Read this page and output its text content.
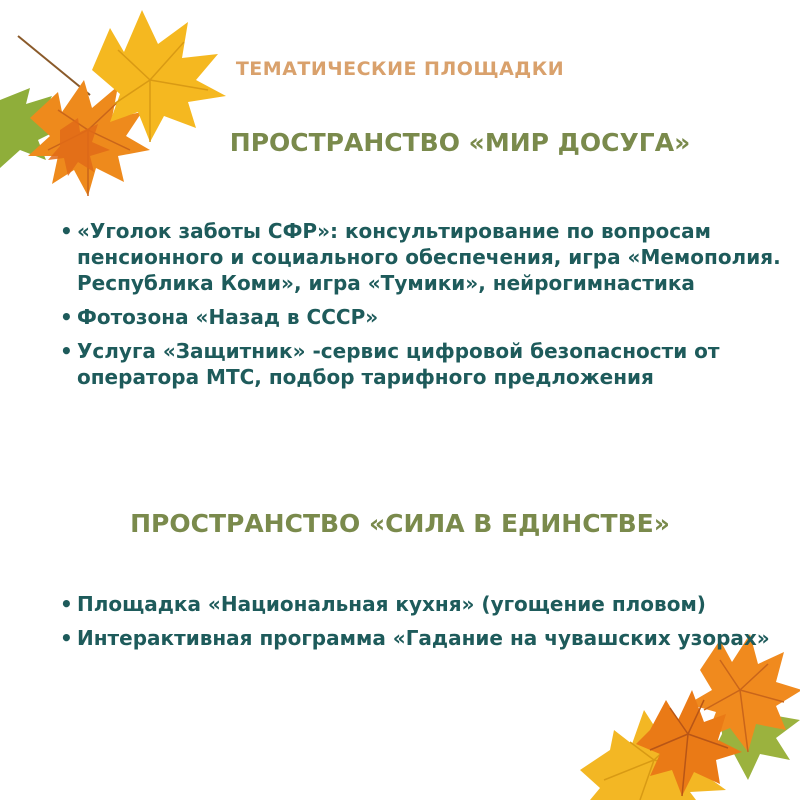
ТЕМАТИЧЕСКИЕ ПЛОЩАДКИ
ПРОСТРАНСТВО «МИР ДОСУГА»
• «Уголок заботы СФР»: консультирование по вопросам пенсионного и социального обеспечения, игра «Мемополия. Республика Коми», игра «Тумики», нейрогимнастика
• Фотозона «Назад в СССР»
• Услуга «Защитник» -сервис цифровой безопасности от оператора МТС, подбор тарифного предложения
ПРОСТРАНСТВО «СИЛА В ЕДИНСТВЕ»
• Площадка «Национальная кухня» (угощение пловом)
• Интерактивная программа «Гадание на чувашских узорах»
